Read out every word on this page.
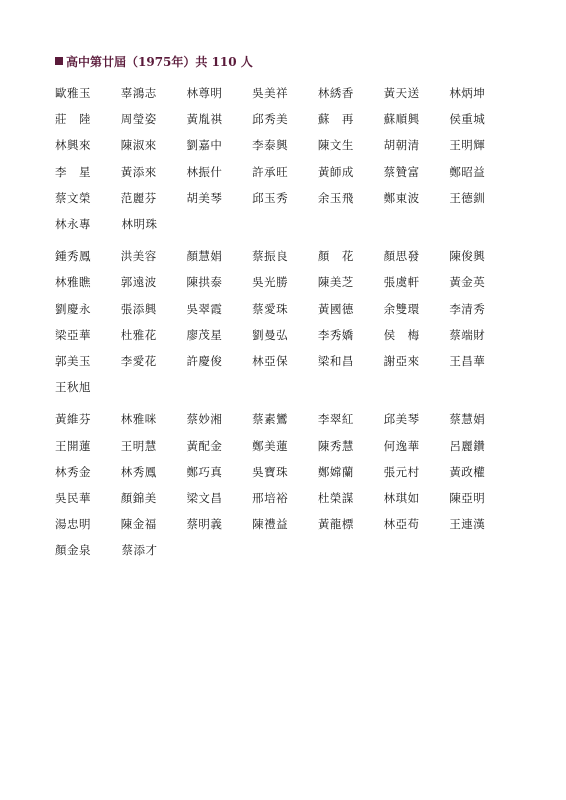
高中第廿屆（1975年）共 110 人
歐雅玉	辜鴻志	林尊明	吳美祥	林綉香	黃天送	林炳坤
莊　陸	周瑩姿	黃胤祺	邱秀美	蘇　再	蘇順興	侯重城
林興來	陳淑來	劉嘉中	李泰興	陳文生	胡朝清	王明輝
李　星	黃添來	林振什	許承旺	黃師成	蔡贊富	鄭昭益
蔡文榮	范麗芬	胡美琴	邱玉秀	余玉飛	鄭東波	王德釧
林永專	林明珠
鍾秀鳳	洪美容	顏慧娟	蔡振良	顏　花	顏思發	陳俊興
林雅瞧	郭遠波	陳拱泰	吳光勝	陳美芝	張虞軒	黃金英
劉慶永	張添興	吳翠霞	蔡愛珠	黃國德	余雙環	李清秀
梁亞華	杜雅花	廖茂星	劉曼弘	李秀嬌	侯　梅	蔡端財
郭美玉	李愛花	許慶俊	林亞保	梁和昌	謝亞來	王昌華
王秋旭
黃維芬	林雅咪	蔡妙湘	蔡素鸞	李翠紅	邱美琴	蔡慧娟
王開蓮	王明慧	黃配金	鄭美蓮	陳秀慧	何逸華	呂麗鑽
林秀金	林秀鳳	鄭巧真	吳寶珠	鄭嫦蘭	張元村	黃政權
吳民華	顏錦美	梁文昌	邢培裕	杜榮謀	林琪如	陳亞明
湯忠明	陳金福	蔡明義	陳禮益	黃龍標	林亞苟	王連漢
顏金泉	蔡添才
